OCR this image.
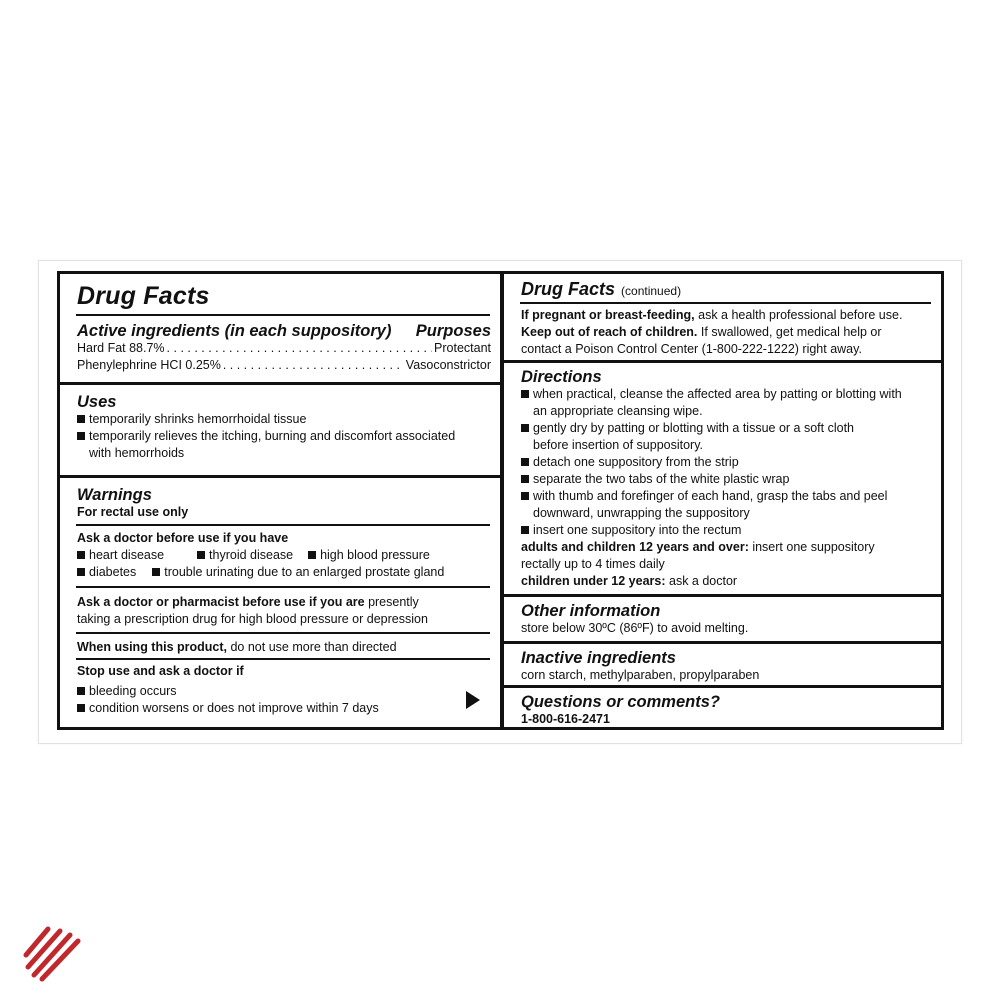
Drug Facts
Active ingredients (in each suppository) Purposes
Hard Fat 88.7% . . .	Protectant
Phenylephrine HCI 0.25% . . .	Vasoconstrictor
Uses
temporarily shrinks hemorrhoidal tissue
temporarily relieves the itching, burning and discomfort associated
with hemorrhoids
Warnings
For rectal use only
Ask a doctor before use if you have
heart disease	thyroid disease high blood pressure
diabetes trouble urinating due to an enlarged prostate gland
Ask a doctor or pharmacist before use if you are presently
taking a prescription drug for high blood pressure or depression
When using this product, do not use more than directed
Stop use and ask a doctor if
bleeding occurs
condition worsens or does not improve within 7 days
Drug Facts (continued)
If pregnant or breast-feeding, ask a health professional before use.
Keep out of reach of children. If swallowed, get medical help or
contact a Poison Control Center (1-800-222-1222) right away.
Directions
when practical, cleanse the affected area by patting or blotting with
an appropriate cleansing wipe.
gently dry by patting or blotting with a tissue or a soft cloth
before insertion of suppository.
detach one suppository from the strip
separate the two tabs of the white plastic wrap
with thumb and forefinger of each hand, grasp the tabs and peel
downward, unwrapping the suppository
insert one suppository into the rectum
adults and children 12 years and over: insert one suppository
rectally up to 4 times daily
children under 12 years: ask a doctor
Other information
store below 30ºC (86ºF) to avoid melting.
Inactive ingredients
corn starch, methylparaben, propylparaben
Questions or comments?
1-800-616-2471
